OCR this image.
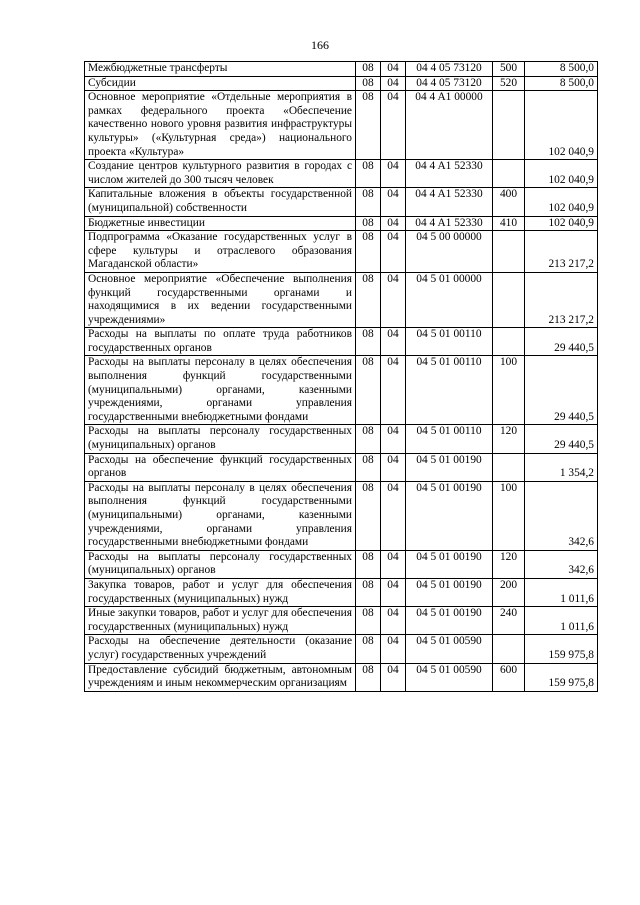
166
Межбюджетные трансферты	08	04	04 4 05 73120	500	8 500,0
Субсидии	08	04	04 4 05 73120	520	8 500,0
Основное мероприятие «Отдельные мероприятия в рамках федерального проекта «Обеспечение качественно нового уровня развития инфраструктуры культуры» («Культурная среда») национального проекта «Культура»	08	04	04 4 A1 00000		102 040,9
Создание центров культурного развития в городах с числом жителей до 300 тысяч человек	08	04	04 4 A1 52330		102 040,9
Капитальные вложения в объекты государственной (муниципальной) собственности	08	04	04 4 A1 52330	400	102 040,9
Бюджетные инвестиции	08	04	04 4 A1 52330	410	102 040,9
Подпрограмма «Оказание государственных услуг в сфере культуры и отраслевого образования Магаданской области»	08	04	04 5 00 00000		213 217,2
Основное мероприятие «Обеспечение выполнения функций государственными органами и находящимися в их ведении государственными учреждениями»	08	04	04 5 01 00000		213 217,2
Расходы на выплаты по оплате труда работников государственных органов	08	04	04 5 01 00110		29 440,5
Расходы на выплаты персоналу в целях обеспечения выполнения функций государственными (муниципальными) органами, казенными учреждениями, органами управления государственными внебюджетными фондами	08	04	04 5 01 00110	100	29 440,5
Расходы на выплаты персоналу государственных (муниципальных) органов	08	04	04 5 01 00110	120	29 440,5
Расходы на обеспечение функций государственных органов	08	04	04 5 01 00190		1 354,2
Расходы на выплаты персоналу в целях обеспечения выполнения функций государственными (муниципальными) органами, казенными учреждениями, органами управления государственными внебюджетными фондами	08	04	04 5 01 00190	100	342,6
Расходы на выплаты персоналу государственных (муниципальных) органов	08	04	04 5 01 00190	120	342,6
Закупка товаров, работ и услуг для обеспечения государственных (муниципальных) нужд	08	04	04 5 01 00190	200	1 011,6
Иные закупки товаров, работ и услуг для обеспечения государственных (муниципальных) нужд	08	04	04 5 01 00190	240	1 011,6
Расходы на обеспечение деятельности (оказание услуг) государственных учреждений	08	04	04 5 01 00590		159 975,8
Предоставление субсидий бюджетным, автономным учреждениям и иным некоммерческим организациям	08	04	04 5 01 00590	600	159 975,8
